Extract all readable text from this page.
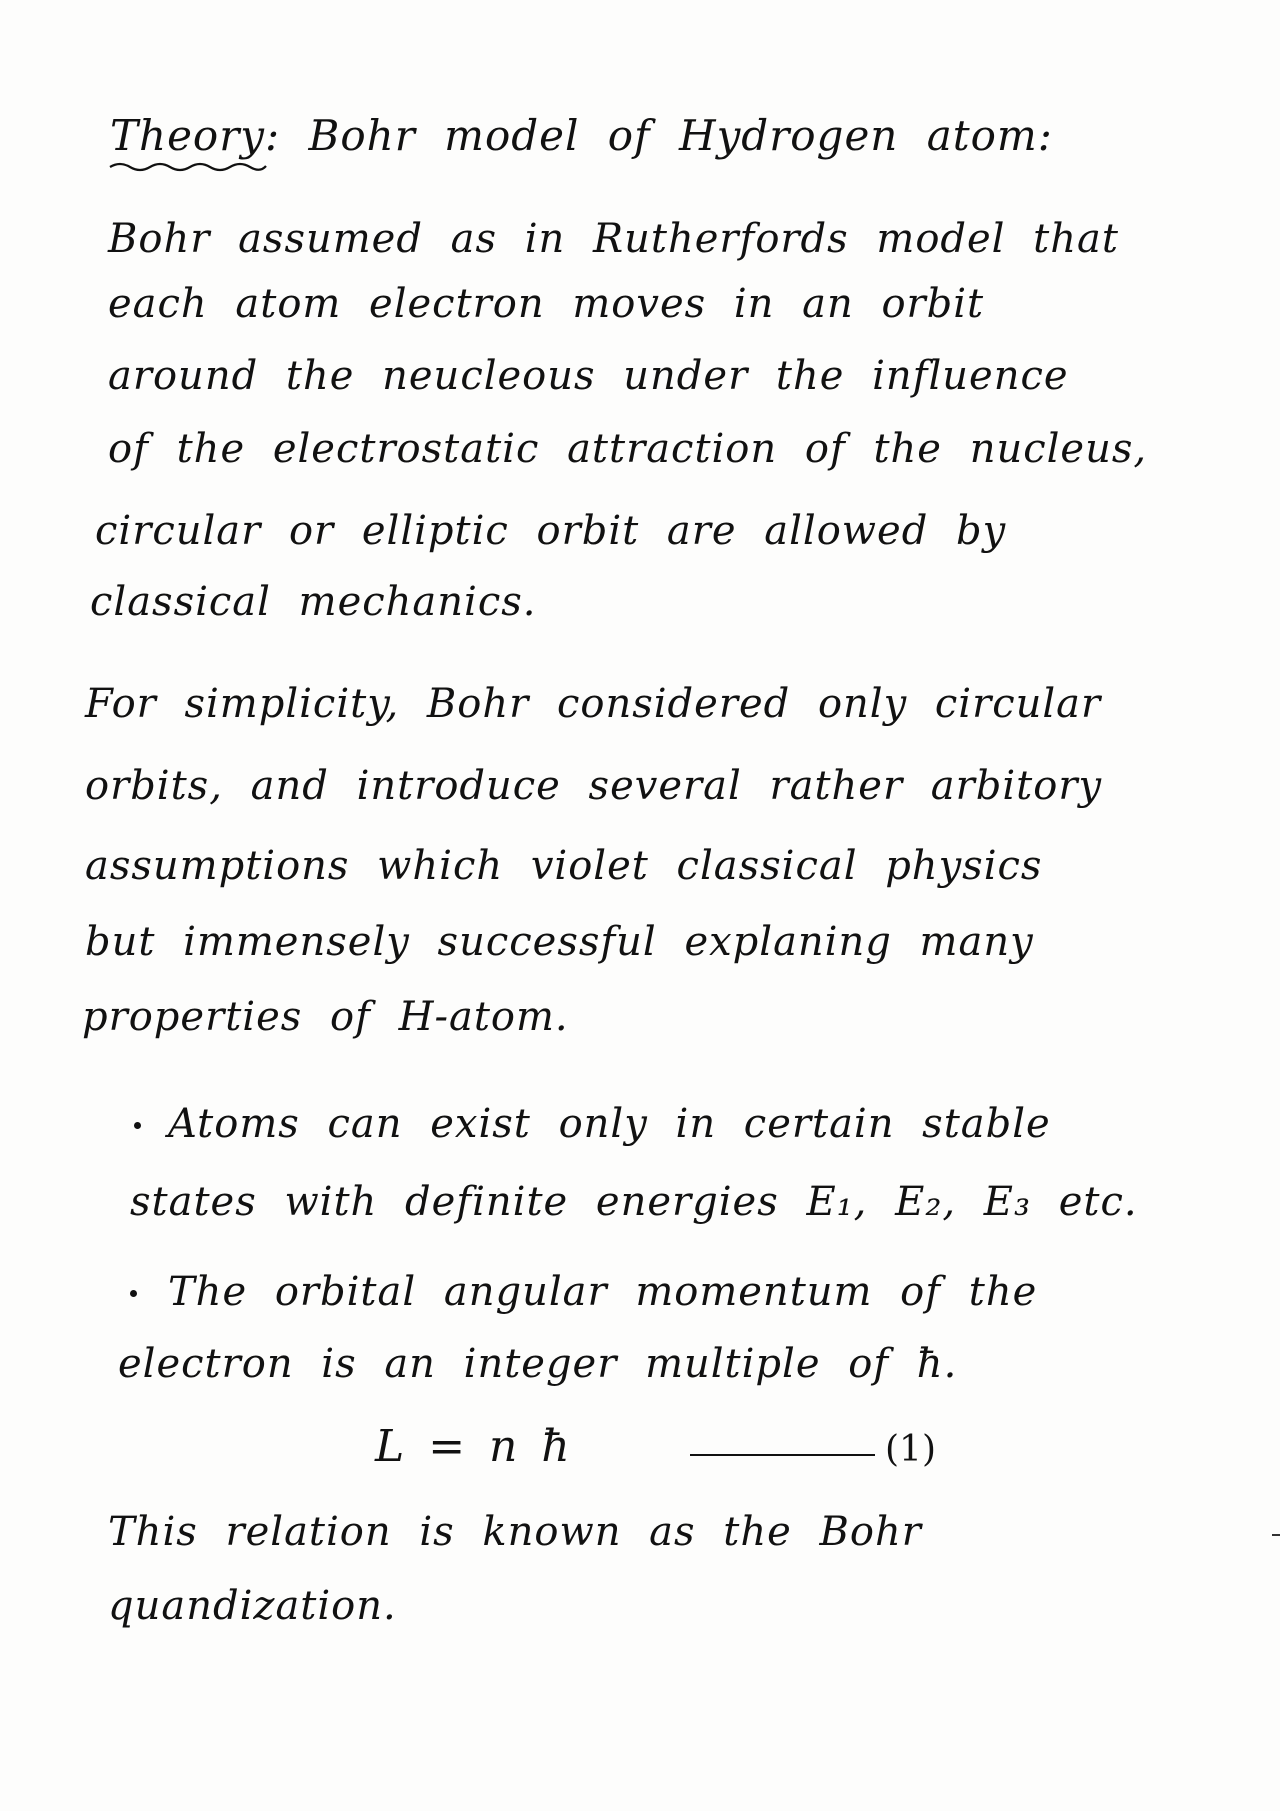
Theory: Bohr model of Hydrogen atom:
Bohr assumed as in Rutherfords model that
each atom electron moves in an orbit
around the neucleous under the influence
of the electrostatic attraction of the nucleus,
circular or elliptic orbit are allowed by
classical mechanics.
For simplicity, Bohr considered only circular
orbits, and introduce several rather arbitory
assumptions which violet classical physics
but immensely successful explaning many
properties of H-atom.
Atoms can exist only in certain stable
states with definite energies E₁, E₂, E₃ etc.
The orbital angular momentum of the
electron is an integer multiple of ħ.
L = n ħ	(1)
This relation is known as the Bohr
quandization.
